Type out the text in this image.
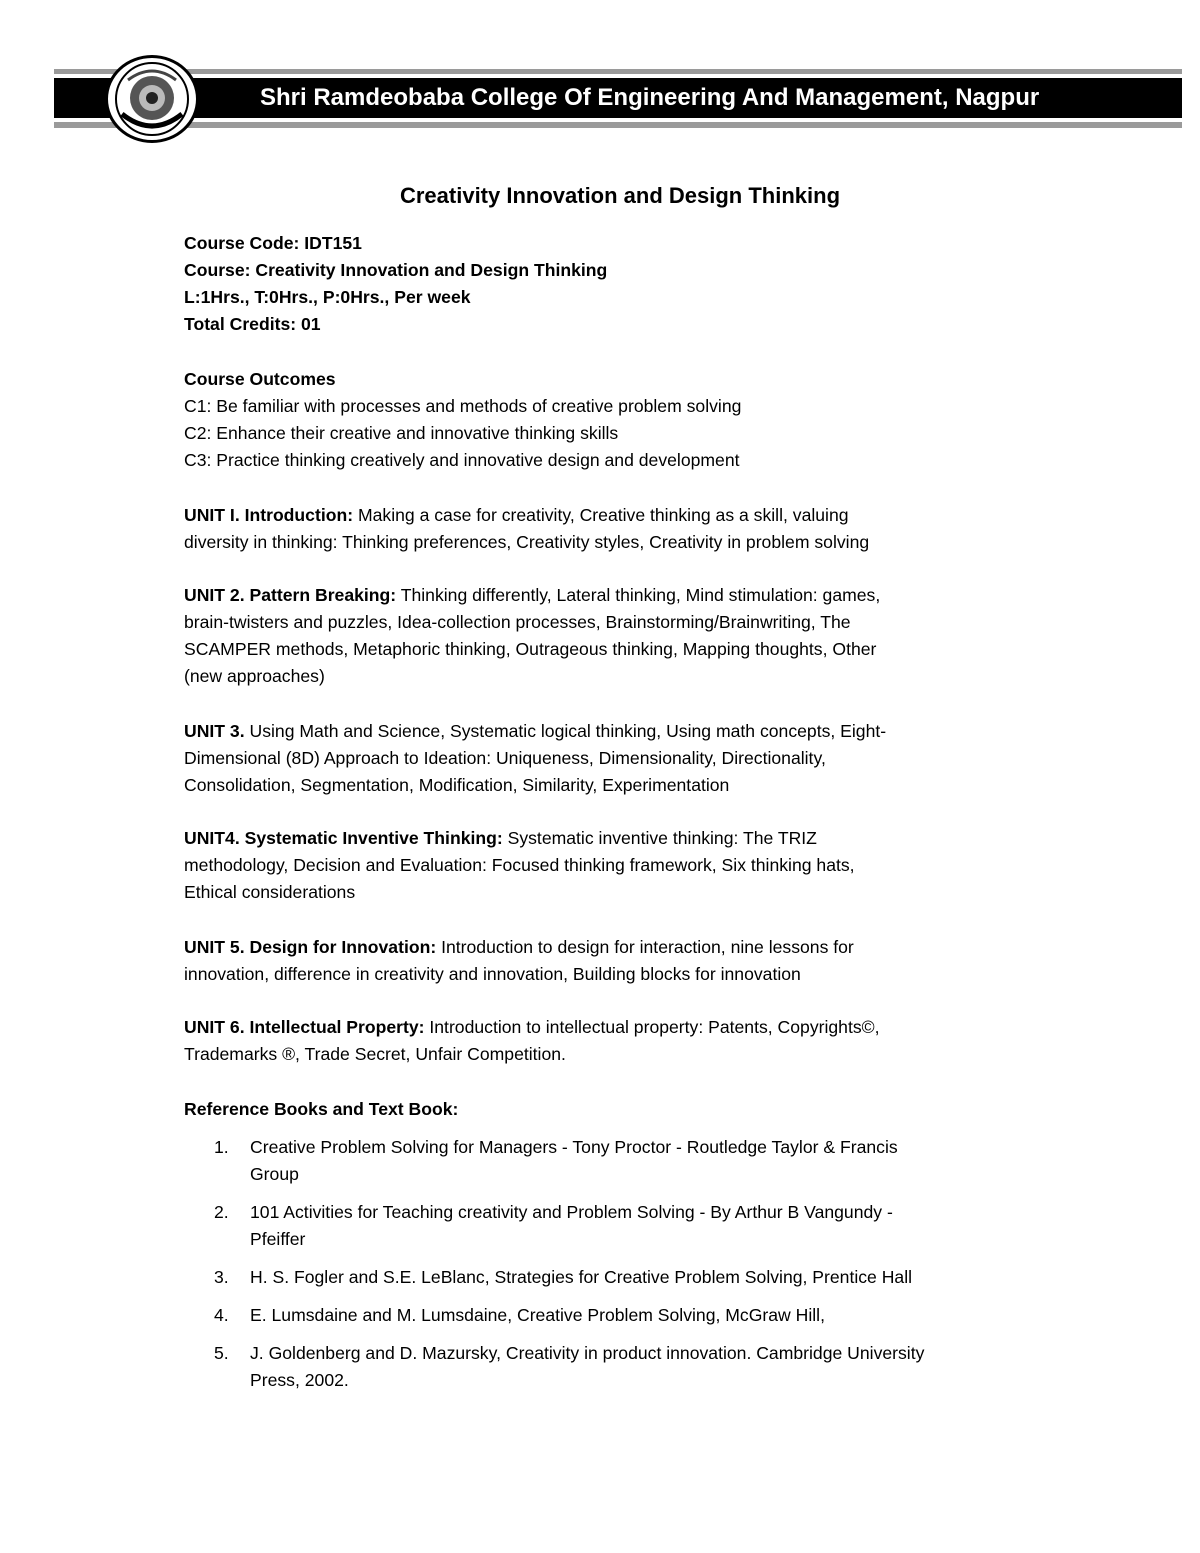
Shri Ramdeobaba College Of Engineering And Management, Nagpur
Creativity Innovation and Design Thinking
Course Code: IDT151
Course: Creativity Innovation and Design Thinking
L:1Hrs., T:0Hrs., P:0Hrs., Per week
Total Credits: 01
Course Outcomes
C1: Be familiar with processes and methods of creative problem solving
C2: Enhance their creative and innovative thinking skills
C3: Practice thinking creatively and innovative design and development
UNIT I. Introduction: Making a case for creativity, Creative thinking as a skill, valuing
diversity in thinking: Thinking preferences, Creativity styles, Creativity in problem solving
UNIT 2. Pattern Breaking: Thinking differently, Lateral thinking, Mind stimulation: games,
brain-twisters and puzzles, Idea-collection processes, Brainstorming/Brainwriting, The
SCAMPER methods, Metaphoric thinking, Outrageous thinking, Mapping thoughts, Other
(new approaches)
UNIT 3. Using Math and Science, Systematic logical thinking, Using math concepts, Eight-
Dimensional (8D) Approach to Ideation: Uniqueness, Dimensionality, Directionality,
Consolidation, Segmentation, Modification, Similarity, Experimentation
UNIT4. Systematic Inventive Thinking: Systematic inventive thinking: The TRIZ
methodology, Decision and Evaluation: Focused thinking framework, Six thinking hats,
Ethical considerations
UNIT 5. Design for Innovation: Introduction to design for interaction, nine lessons for
innovation, difference in creativity and innovation, Building blocks for innovation
UNIT 6. Intellectual Property: Introduction to intellectual property: Patents, Copyrights©,
Trademarks ®, Trade Secret, Unfair Competition.
Reference Books and Text Book:
1.	Creative Problem Solving for Managers - Tony Proctor - Routledge Taylor & Francis
Group
2.	101 Activities for Teaching creativity and Problem Solving - By Arthur B Vangundy -
Pfeiffer
3.	H. S. Fogler and S.E. LeBlanc, Strategies for Creative Problem Solving, Prentice Hall
4.	E. Lumsdaine and M. Lumsdaine, Creative Problem Solving, McGraw Hill,
5.	J. Goldenberg and D. Mazursky, Creativity in product innovation. Cambridge University
Press, 2002.
